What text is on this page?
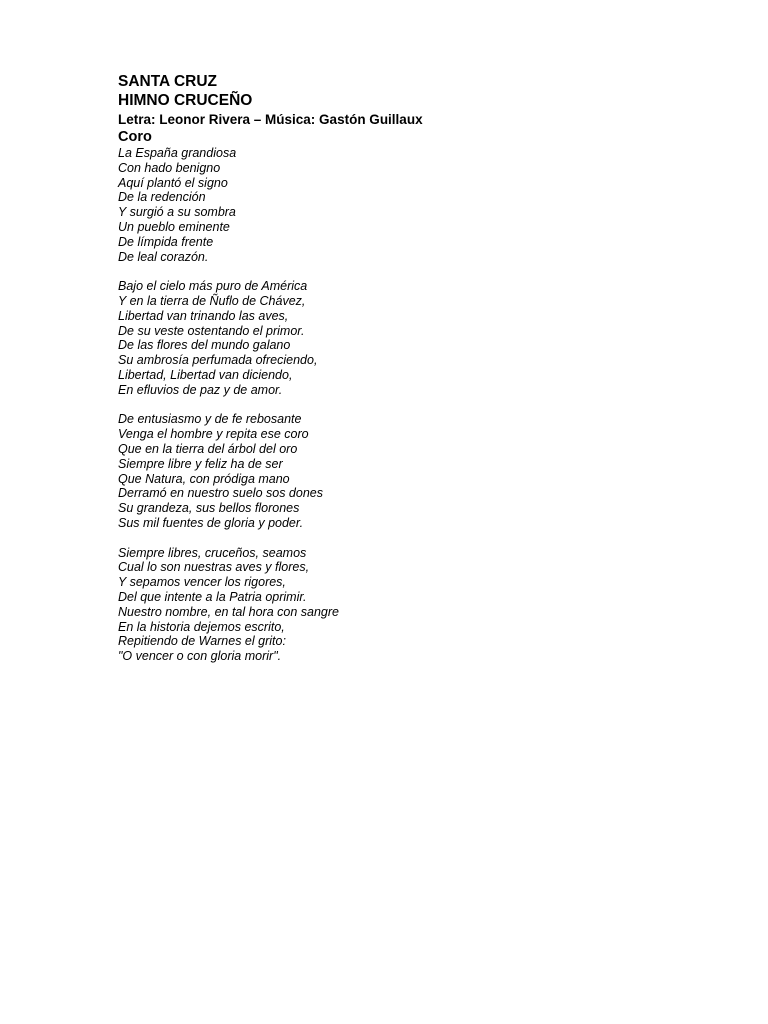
SANTA CRUZ
HIMNO CRUCEÑO
Letra: Leonor Rivera – Música: Gastón Guillaux
Coro
La España grandiosa
Con hado benigno
Aquí plantó el signo
De la redención
Y surgió a su sombra
Un pueblo eminente
De límpida frente
De leal corazón.
Bajo el cielo más puro de América
Y en la tierra de Ñuflo de Chávez,
Libertad van trinando las aves,
De su veste ostentando el primor.
De las flores del mundo galano
Su ambrosía perfumada ofreciendo,
Libertad, Libertad van diciendo,
En efluvios de paz y de amor.
De entusiasmo y de fe rebosante
Venga el hombre y repita ese coro
Que en la tierra del árbol del oro
Siempre libre y feliz ha de ser
Que Natura, con pródiga mano
Derramó en nuestro suelo sos dones
Su grandeza, sus bellos florones
Sus mil fuentes de gloria y poder.
Siempre libres, cruceños, seamos
Cual lo son nuestras aves y flores,
Y sepamos vencer los rigores,
Del que intente a la Patria oprimir.
Nuestro nombre, en tal hora con sangre
En la historia dejemos escrito,
Repitiendo de Warnes el grito:
"O vencer o con gloria morir".
